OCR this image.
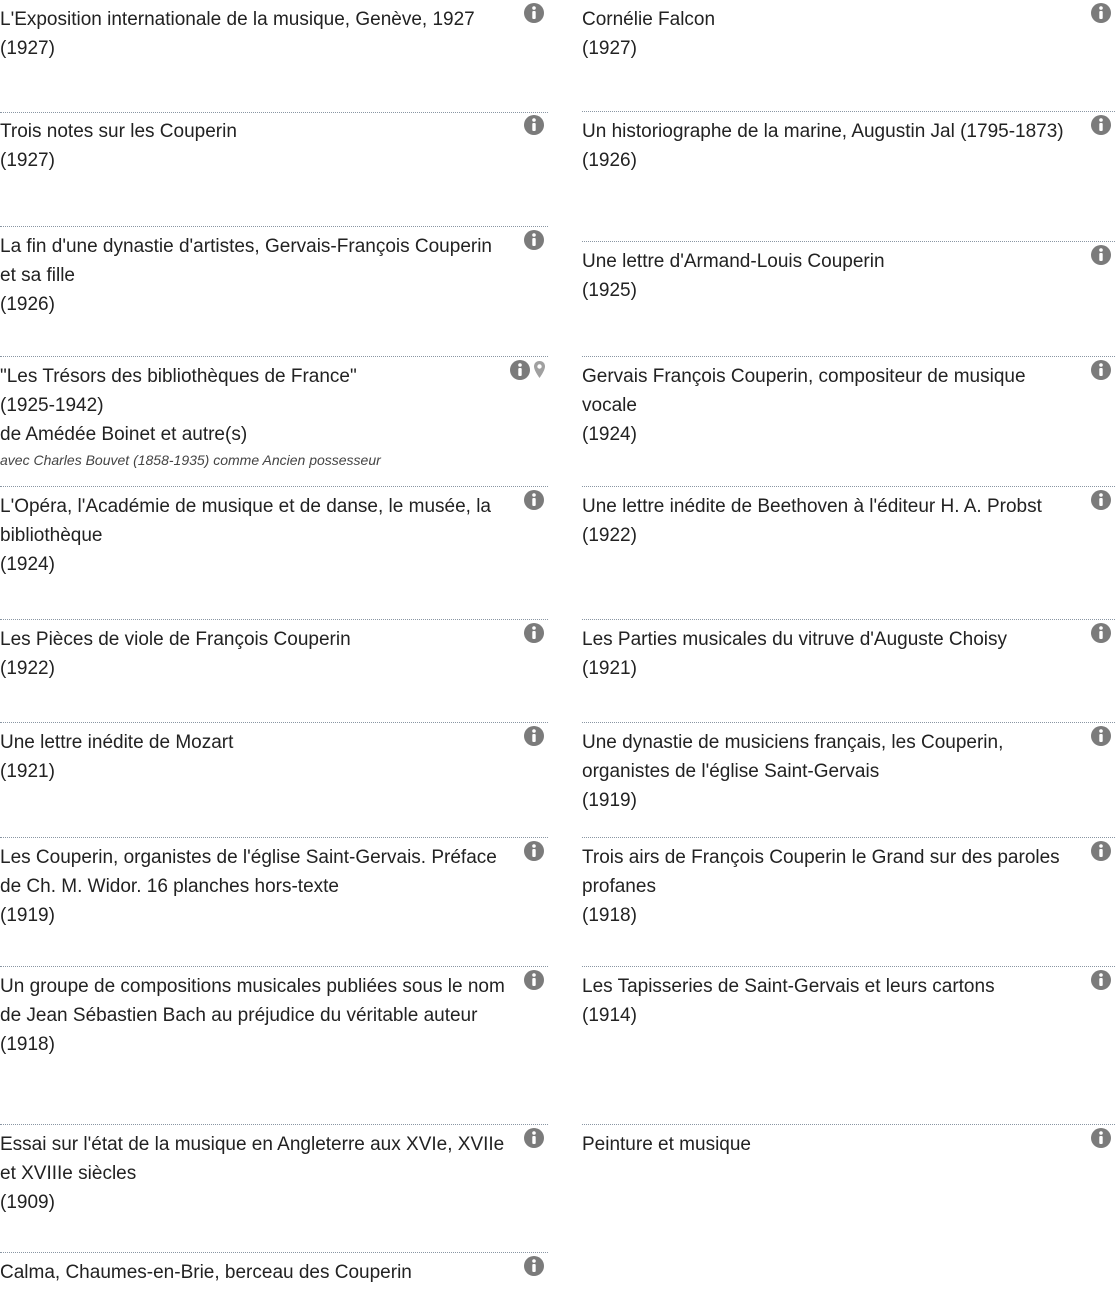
L'Exposition internationale de la musique, Genève, 1927
(1927)
Trois notes sur les Couperin
(1927)
La fin d'une dynastie d'artistes, Gervais-François Couperin et sa fille
(1926)
"Les Trésors des bibliothèques de France"
(1925-1942)
de Amédée Boinet et autre(s)
avec Charles Bouvet (1858-1935) comme Ancien possesseur
L'Opéra, l'Académie de musique et de danse, le musée, la bibliothèque
(1924)
Les Pièces de viole de François Couperin
(1922)
Une lettre inédite de Mozart
(1921)
Les Couperin, organistes de l'église Saint-Gervais. Préface de Ch. M. Widor. 16 planches hors-texte
(1919)
Un groupe de compositions musicales publiées sous le nom de Jean Sébastien Bach au préjudice du véritable auteur
(1918)
Essai sur l'état de la musique en Angleterre aux XVIe, XVIIe et XVIIIe siècles
(1909)
Calma, Chaumes-en-Brie, berceau des Couperin
Cornélie Falcon
(1927)
Un historiographe de la marine, Augustin Jal (1795-1873)
(1926)
Une lettre d'Armand-Louis Couperin
(1925)
Gervais François Couperin, compositeur de musique vocale
(1924)
Une lettre inédite de Beethoven à l'éditeur H. A. Probst
(1922)
Les Parties musicales du vitruve d'Auguste Choisy
(1921)
Une dynastie de musiciens français, les Couperin, organistes de l'église Saint-Gervais
(1919)
Trois airs de François Couperin le Grand sur des paroles profanes
(1918)
Les Tapisseries de Saint-Gervais et leurs cartons
(1914)
Peinture et musique
